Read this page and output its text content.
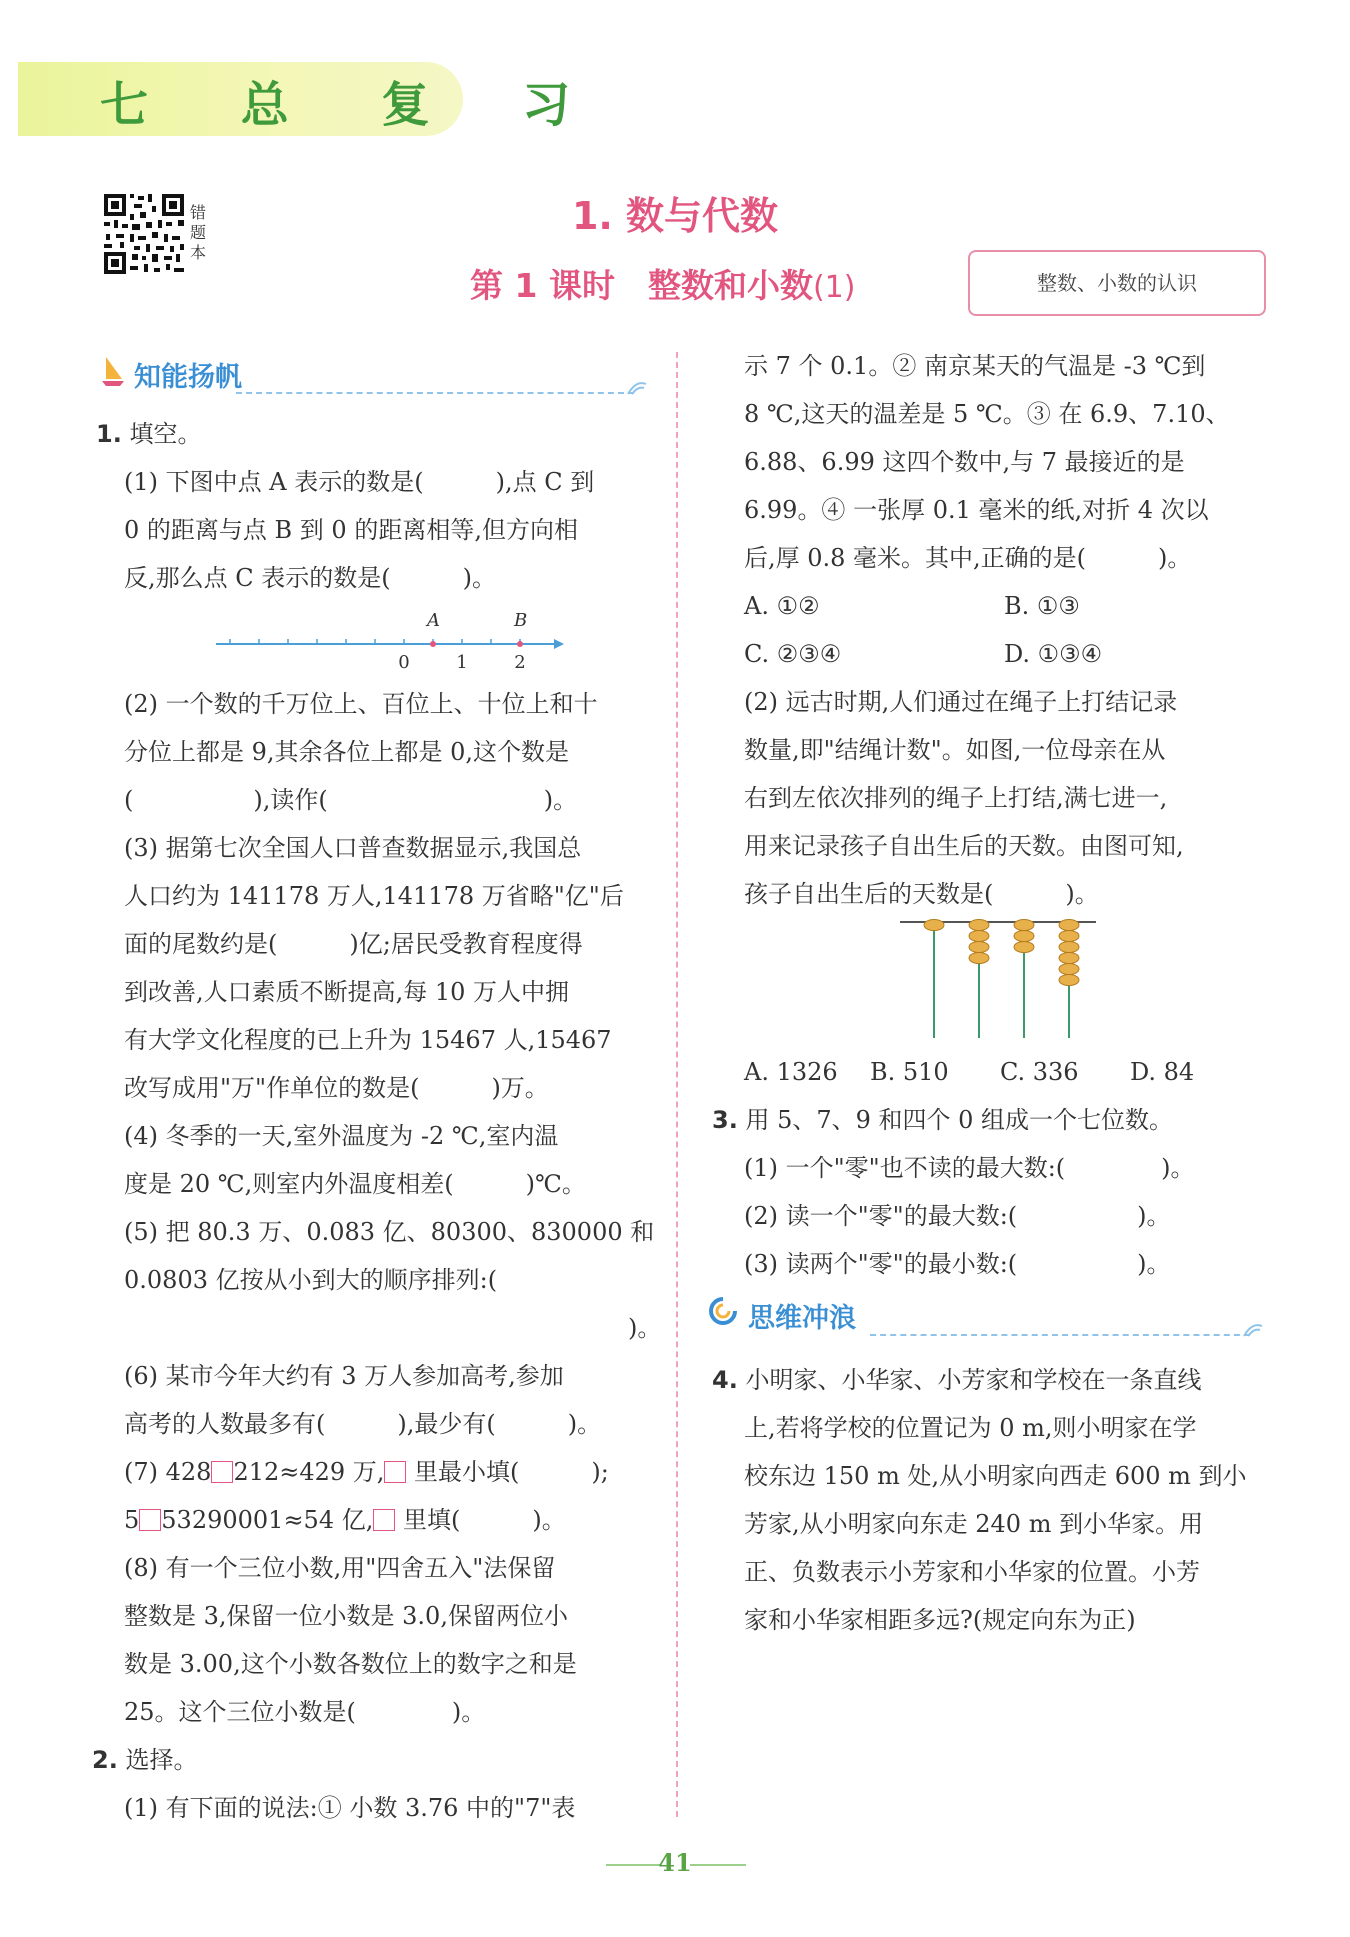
七 总 复 习
错题本
1. 数与代数
第 1 课时　整数和小数(1)	整数、小数的认识
知能扬帆
1. 填空。
(1) 下图中点 A 表示的数是(　　　),点 C 到
0 的距离与点 B 到 0 的距离相等,但方向相
反,那么点 C 表示的数是(　　　)。
A	B
0	1	2
(2) 一个数的千万位上、百位上、十位上和十
分位上都是 9,其余各位上都是 0,这个数是
(　　　　　),读作(　　　　　　　　　)。
(3) 据第七次全国人口普查数据显示,我国总
人口约为 141178 万人,141178 万省略"亿"后
面的尾数约是(　　　)亿;居民受教育程度得
到改善,人口素质不断提高,每 10 万人中拥
有大学文化程度的已上升为 15467 人,15467
改写成用"万"作单位的数是(　　　)万。
(4) 冬季的一天,室外温度为 -2 ℃,室内温
度是 20 ℃,则室内外温度相差(　　　)℃。
(5) 把 80.3 万、0.083 亿、80300、830000 和
0.0803 亿按从小到大的顺序排列:(
　　　　　　　　　　　　　　　　　　　　　)。
(6) 某市今年大约有 3 万人参加高考,参加
高考的人数最多有(　　　),最少有(　　　)。
(7) 428 212≈429 万, 里最小填(　　　);
5 53290001≈54 亿, 里填(　　　)。
(8) 有一个三位小数,用"四舍五入"法保留
整数是 3,保留一位小数是 3.0,保留两位小
数是 3.00,这个小数各数位上的数字之和是
25。这个三位小数是(　　　　)。
2. 选择。
(1) 有下面的说法:① 小数 3.76 中的"7"表
示 7 个 0.1。② 南京某天的气温是 -3 ℃到
8 ℃,这天的温差是 5 ℃。③ 在 6.9、7.10、
6.88、6.99 这四个数中,与 7 最接近的是
6.99。④ 一张厚 0.1 毫米的纸,对折 4 次以
后,厚 0.8 毫米。其中,正确的是(　　　)。
A. ①②	B. ①③
C. ②③④	D. ①③④
(2) 远古时期,人们通过在绳子上打结记录
数量,即"结绳计数"。如图,一位母亲在从
右到左依次排列的绳子上打结,满七进一,
用来记录孩子自出生后的天数。由图可知,
孩子自出生后的天数是(　　　)。
A. 1326 B. 510 C. 336 D. 84
3. 用 5、7、9 和四个 0 组成一个七位数。
(1) 一个"零"也不读的最大数:(　　　　)。
(2) 读一个"零"的最大数:(　　　　　)。
(3) 读两个"零"的最小数:(　　　　　)。
思维冲浪
4. 小明家、小华家、小芳家和学校在一条直线
上,若将学校的位置记为 0 m,则小明家在学
校东边 150 m 处,从小明家向西走 600 m 到小
芳家,从小明家向东走 240 m 到小华家。用
正、负数表示小芳家和小华家的位置。小芳
家和小华家相距多远?(规定向东为正)
41
